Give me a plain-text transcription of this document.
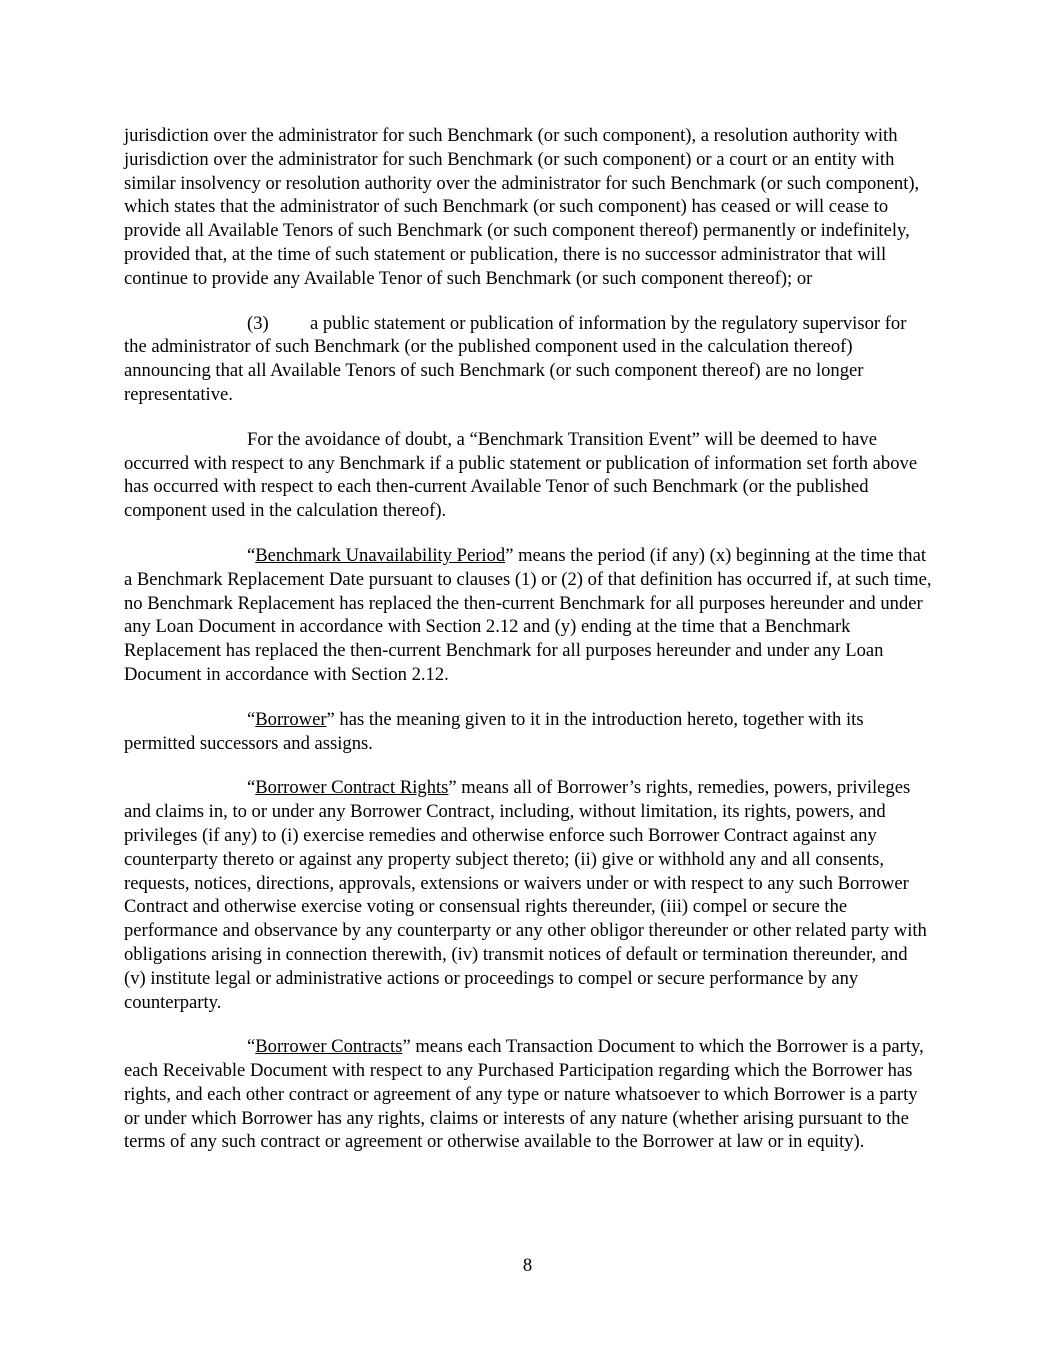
jurisdiction over the administrator for such Benchmark (or such component), a resolution authority with jurisdiction over the administrator for such Benchmark (or such component) or a court or an entity with similar insolvency or resolution authority over the administrator for such Benchmark (or such component), which states that the administrator of such Benchmark (or such component) has ceased or will cease to provide all Available Tenors of such Benchmark (or such component thereof) permanently or indefinitely, provided that, at the time of such statement or publication, there is no successor administrator that will continue to provide any Available Tenor of such Benchmark (or such component thereof); or

(3) a public statement or publication of information by the regulatory supervisor for the administrator of such Benchmark (or the published component used in the calculation thereof) announcing that all Available Tenors of such Benchmark (or such component thereof) are no longer representative.

For the avoidance of doubt, a “Benchmark Transition Event” will be deemed to have occurred with respect to any Benchmark if a public statement or publication of information set forth above has occurred with respect to each then-current Available Tenor of such Benchmark (or the published component used in the calculation thereof).

“Benchmark Unavailability Period” means the period (if any) (x) beginning at the time that a Benchmark Replacement Date pursuant to clauses (1) or (2) of that definition has occurred if, at such time, no Benchmark Replacement has replaced the then-current Benchmark for all purposes hereunder and under any Loan Document in accordance with Section 2.12 and (y) ending at the time that a Benchmark Replacement has replaced the then-current Benchmark for all purposes hereunder and under any Loan Document in accordance with Section 2.12.

“Borrower” has the meaning given to it in the introduction hereto, together with its permitted successors and assigns.

“Borrower Contract Rights” means all of Borrower’s rights, remedies, powers, privileges and claims in, to or under any Borrower Contract, including, without limitation, its rights, powers, and privileges (if any) to (i) exercise remedies and otherwise enforce such Borrower Contract against any counterparty thereto or against any property subject thereto; (ii) give or withhold any and all consents, requests, notices, directions, approvals, extensions or waivers under or with respect to any such Borrower Contract and otherwise exercise voting or consensual rights thereunder, (iii) compel or secure the performance and observance by any counterparty or any other obligor thereunder or other related party with obligations arising in connection therewith, (iv) transmit notices of default or termination thereunder, and (v) institute legal or administrative actions or proceedings to compel or secure performance by any counterparty.

“Borrower Contracts” means each Transaction Document to which the Borrower is a party, each Receivable Document with respect to any Purchased Participation regarding which the Borrower has rights, and each other contract or agreement of any type or nature whatsoever to which Borrower is a party or under which Borrower has any rights, claims or interests of any nature (whether arising pursuant to the terms of any such contract or agreement or otherwise available to the Borrower at law or in equity).

8
